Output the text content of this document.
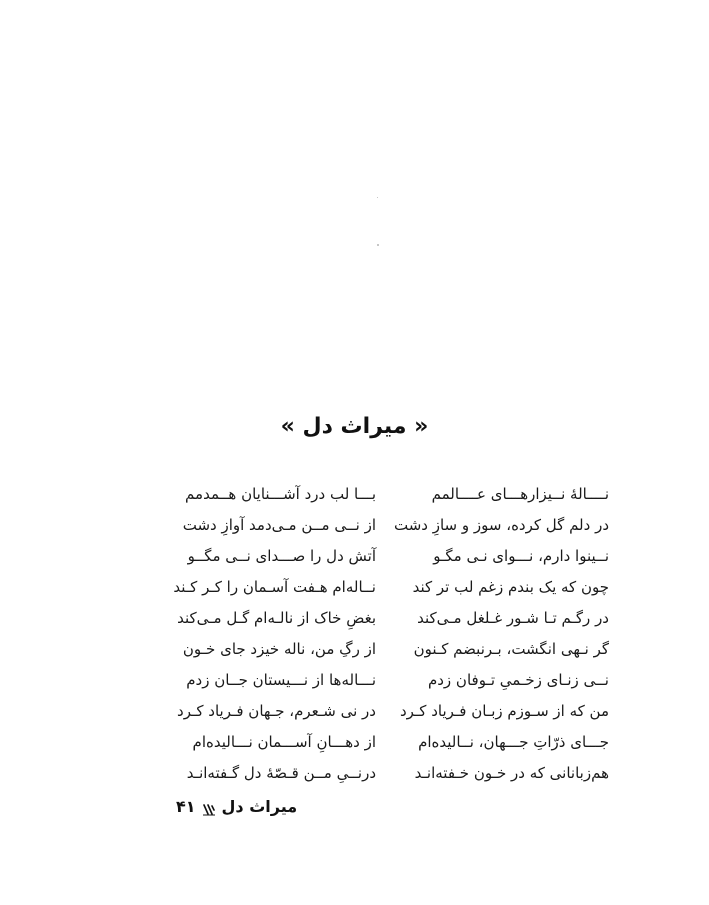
« میراث دل »
نــــالهٔ نــیزارهـــای عــــالمم
در دلم گل کرده، سوز و سازِ دشت
نــینوا دارم، نـــوای نـی مگـو
چون که یک بندم زغم لب تر کند
در رگـم تـا شـور غـلغل مـی‌کند
گر نـهی انگشت، بـرنبضم کـنون
نــی زنـای زخـمیِ تـوفان زدم
من که از سـوزم زبـان فـریاد کـرد
جـــای ذرّاتِ جـــهان، نــالیده‌ام
هم‌زبانانی که در خـون خـفته‌انـد
بـــا لب درد آشـــنایان هــمدمم
از نــی مــن مـی‌دمد آوازِ دشت
آتش دل را صـــدای نــی مگــو
نــاله‌ام هـفت آسـمان را کـر کـند
بغضِ خاک از نالـه‌ام گـل مـی‌کند
از رگِ من، ناله خیزد جای خـون
نـــاله‌ها از نـــیستان جــان زدم
در نی شـعرم، جـهان فـریاد کـرد
از دهـــانِ آســـمان نـــالیده‌ام
درنــیِ مــن قـصّهٔ دل گـفته‌انـد
میراث دل
۴۱
